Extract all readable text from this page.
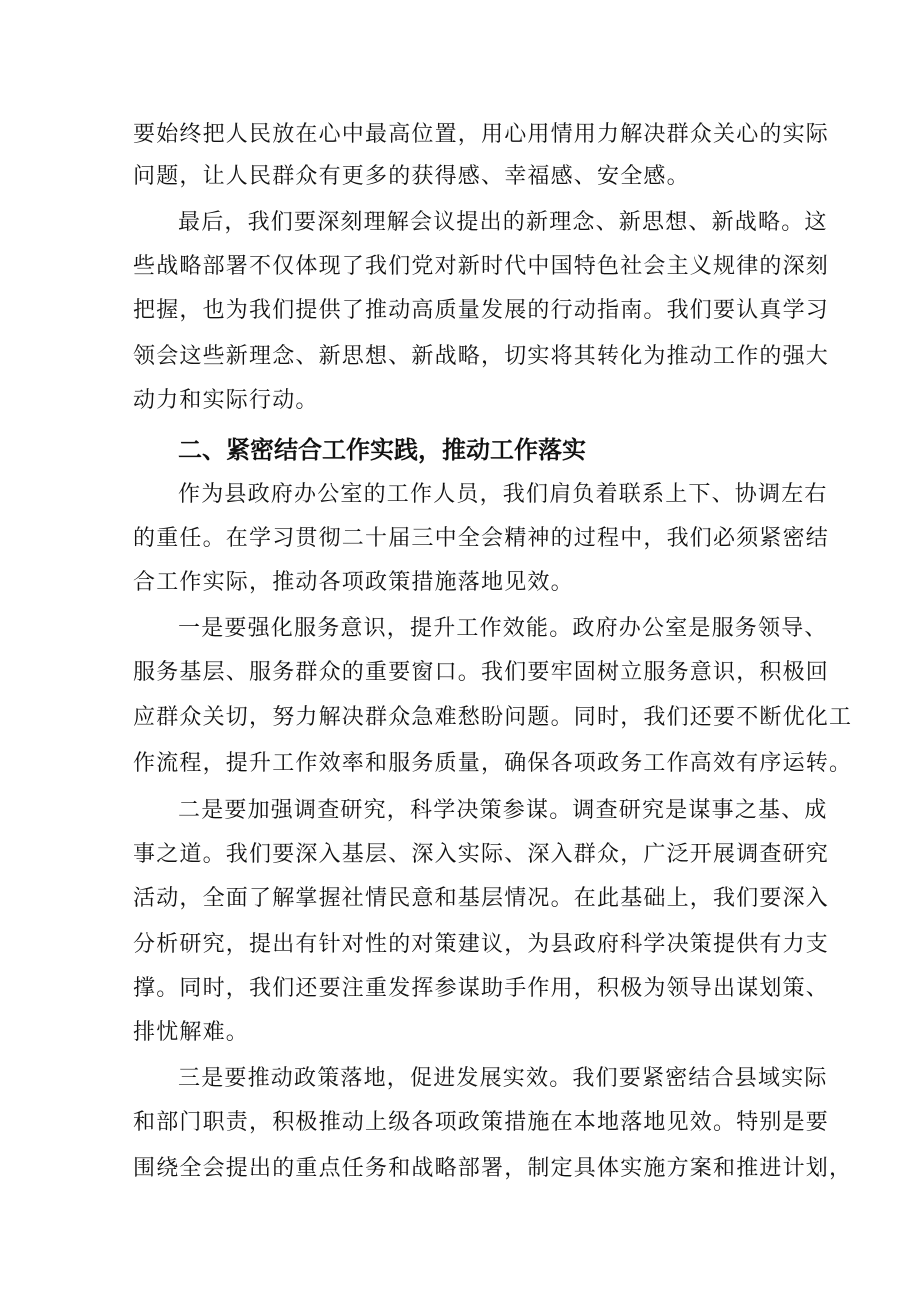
要始终把人民放在心中最高位置，用心用情用力解决群众关心的实际
问题，让人民群众有更多的获得感、幸福感、安全感。
最后，我们要深刻理解会议提出的新理念、新思想、新战略。这
些战略部署不仅体现了我们党对新时代中国特色社会主义规律的深刻
把握，也为我们提供了推动高质量发展的行动指南。我们要认真学习
领会这些新理念、新思想、新战略，切实将其转化为推动工作的强大
动力和实际行动。
二、紧密结合工作实践，推动工作落实
作为县政府办公室的工作人员，我们肩负着联系上下、协调左右
的重任。在学习贯彻二十届三中全会精神的过程中，我们必须紧密结
合工作实际，推动各项政策措施落地见效。
一是要强化服务意识，提升工作效能。政府办公室是服务领导、
服务基层、服务群众的重要窗口。我们要牢固树立服务意识，积极回
应群众关切，努力解决群众急难愁盼问题。同时，我们还要不断优化工
作流程，提升工作效率和服务质量，确保各项政务工作高效有序运转。
二是要加强调查研究，科学决策参谋。调查研究是谋事之基、成
事之道。我们要深入基层、深入实际、深入群众，广泛开展调查研究
活动，全面了解掌握社情民意和基层情况。在此基础上，我们要深入
分析研究，提出有针对性的对策建议，为县政府科学决策提供有力支
撑。同时，我们还要注重发挥参谋助手作用，积极为领导出谋划策、
排忧解难。
三是要推动政策落地，促进发展实效。我们要紧密结合县域实际
和部门职责，积极推动上级各项政策措施在本地落地见效。特别是要
围绕全会提出的重点任务和战略部署，制定具体实施方案和推进计划，
